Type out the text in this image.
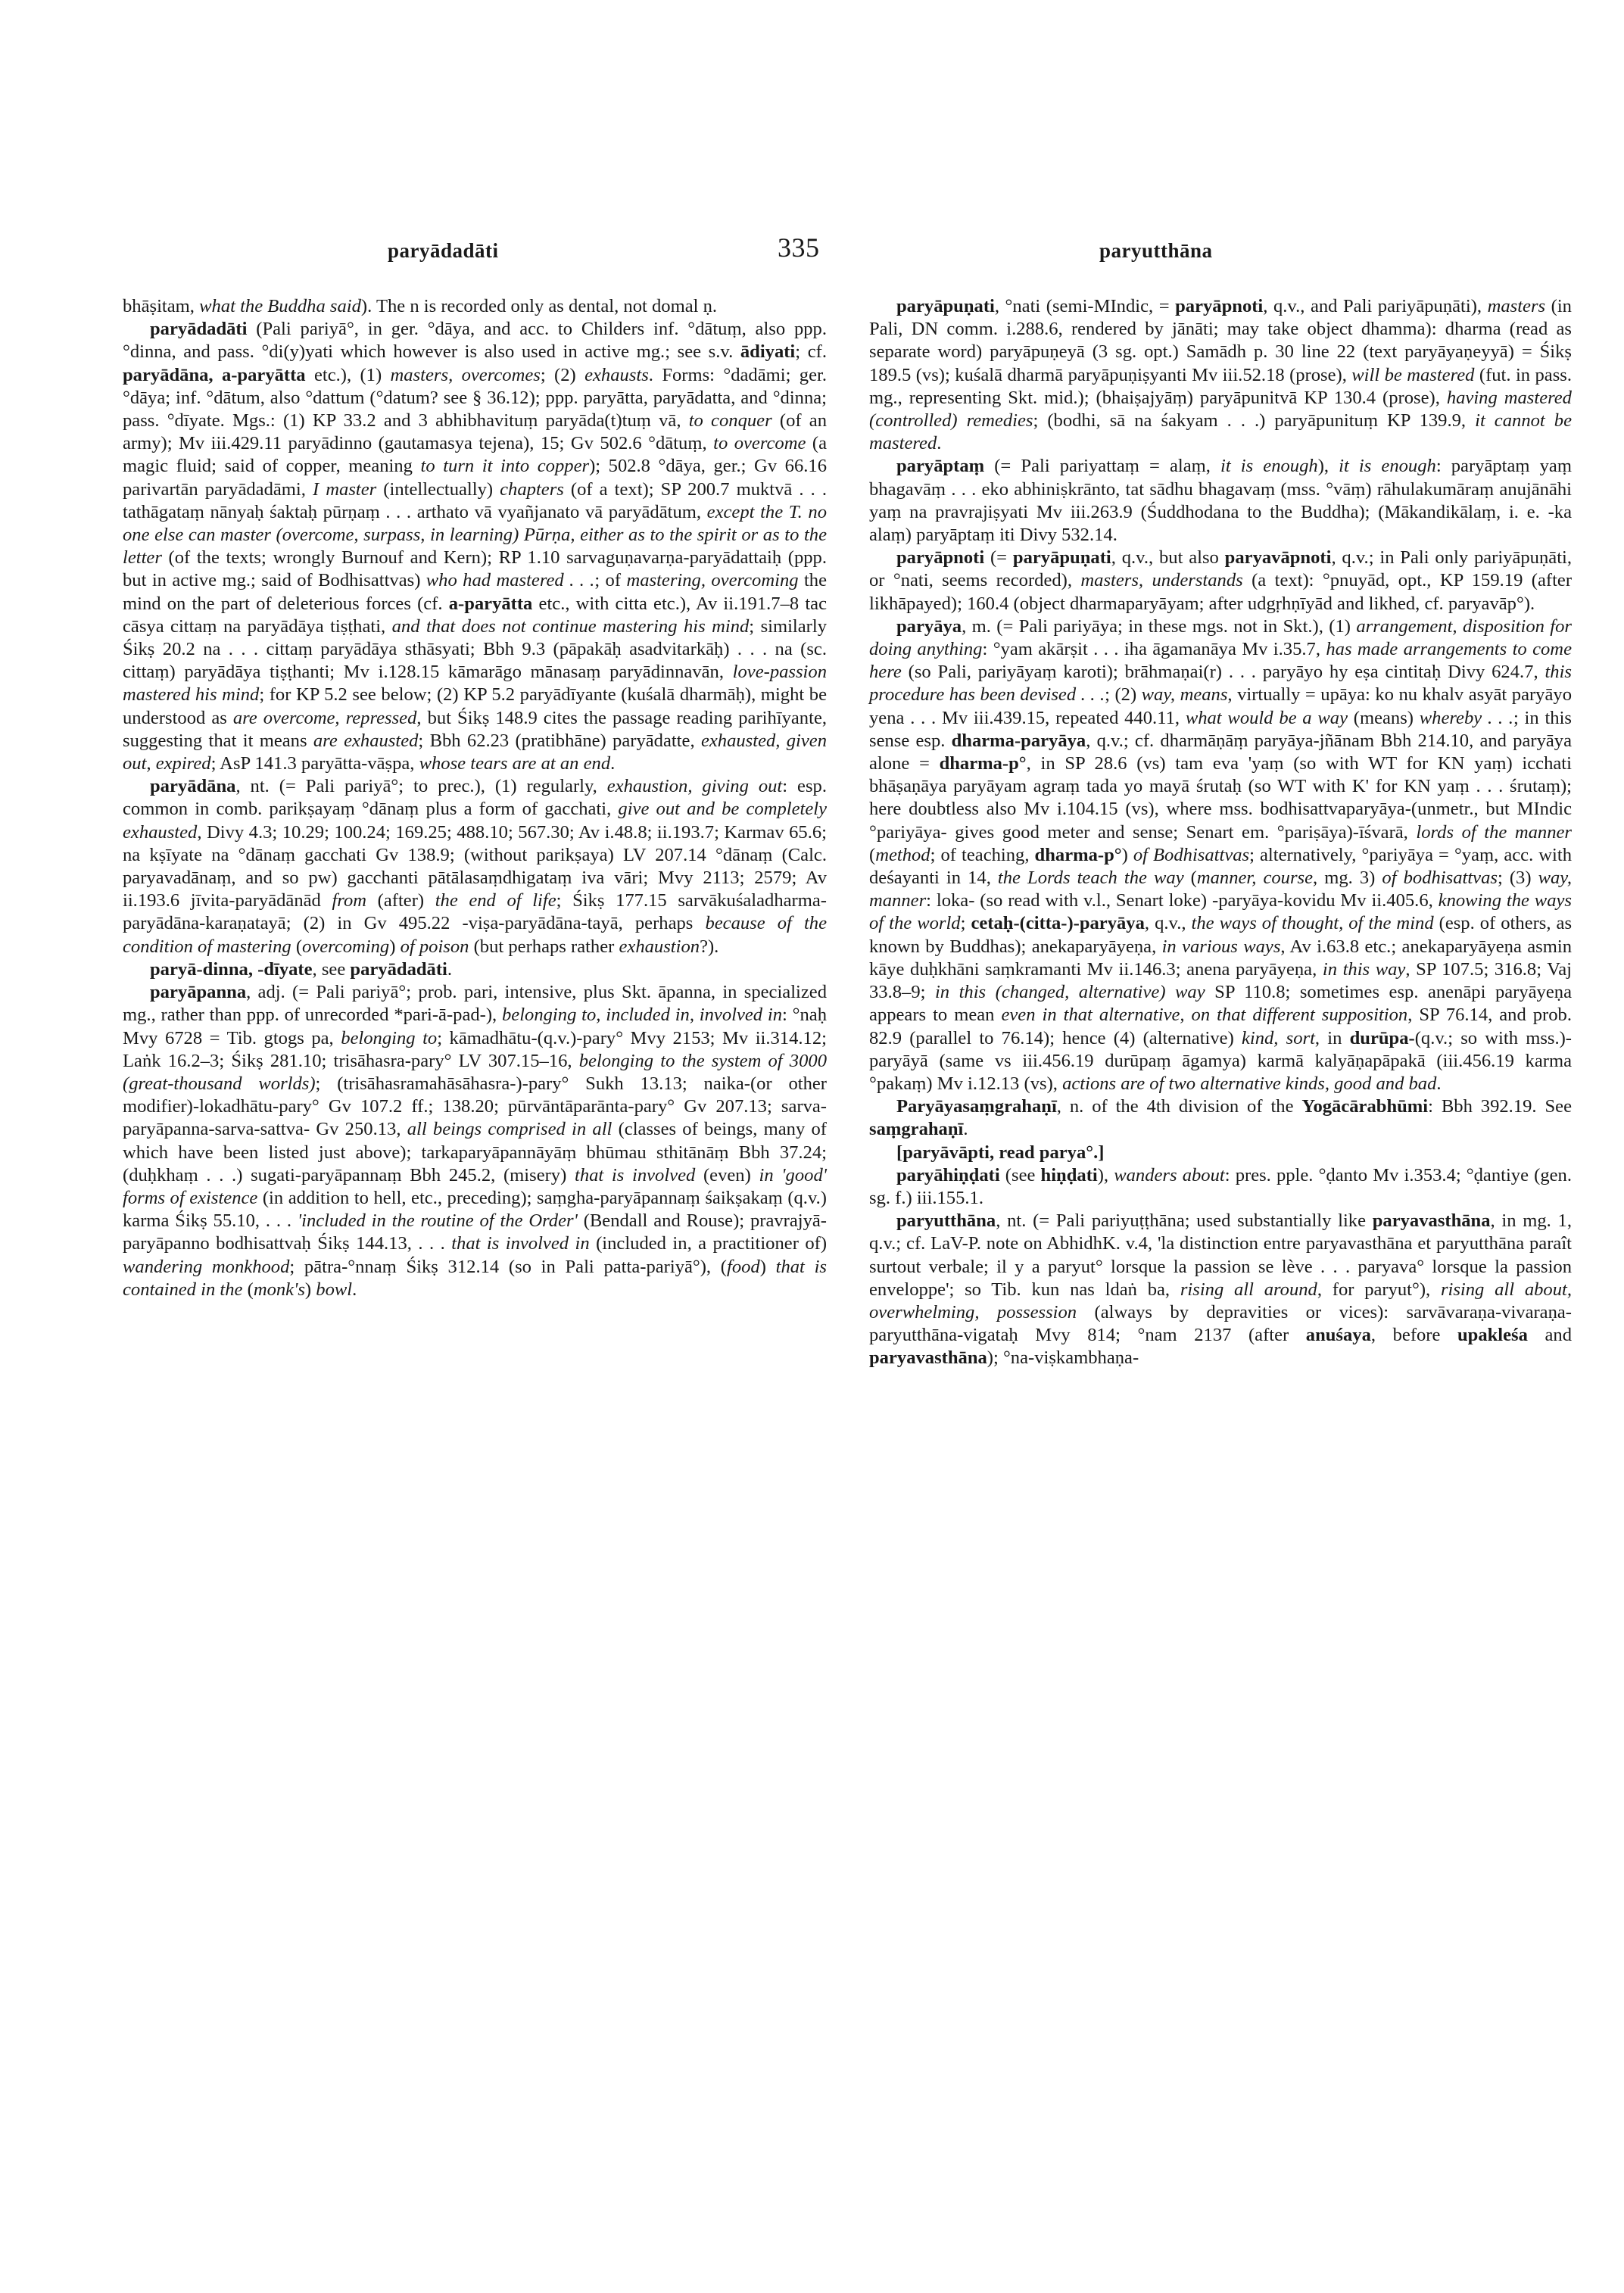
paryādadāti	335	paryutthāna

bhāṣitam, what the Buddha said). The n is recorded only as dental, not domal ṇ.

paryādadāti (Pali pariyā°, in ger. °dāya, and acc. to Childers inf. °dātuṃ, also ppp. °dinna, and pass. °di(y)yati which however is also used in active mg.; see s.v. ādiyati; cf. paryādāna, a-paryātta etc.), (1) masters, overcomes; (2) exhausts. Forms: °dadāmi; ger. °dāya; inf. °dātum, also °dattum (°datum? see § 36.12); ppp. paryātta, paryādatta, and °dinna; pass. °dīyate. Mgs.: (1) KP 33.2 and 3 abhibhavituṃ paryāda(t)tuṃ vā, to conquer (of an army); Mv iii.429.11 paryādinno (gautamasya tejena), 15; Gv 502.6 °dātuṃ, to overcome (a magic fluid; said of copper, meaning to turn it into copper); 502.8 °dāya, ger.; Gv 66.16 parivartān paryādadāmi, I master (intellectually) chapters (of a text); SP 200.7 muktvā . . . tathāgataṃ nānyaḥ śaktaḥ pūrṇaṃ . . . arthato vā vyañjanato vā paryādātum, except the T. no one else can master (overcome, surpass, in learning) Pūrṇa, either as to the spirit or as to the letter (of the texts; wrongly Burnouf and Kern); RP 1.10 sarvaguṇavarṇa-paryādattaiḥ (ppp. but in active mg.; said of Bodhisattvas) who had mastered . . .; of mastering, overcoming the mind on the part of deleterious forces (cf. a-paryātta etc., with citta etc.), Av ii.191.7–8 tac cāsya cittaṃ na paryādāya tiṣṭhati, and that does not continue mastering his mind; similarly Śikṣ 20.2 na . . . cittaṃ paryādāya sthāsyati; Bbh 9.3 (pāpakāḥ asadvitarkāḥ) . . . na (sc. cittaṃ) paryādāya tiṣṭhanti; Mv i.128.15 kāmarāgo mānasaṃ paryādinnavān, love-passion mastered his mind; for KP 5.2 see below; (2) KP 5.2 paryādīyante (kuśalā dharmāḥ), might be understood as are overcome, repressed, but Śikṣ 148.9 cites the passage reading parihīyante, suggesting that it means are exhausted; Bbh 62.23 (pratibhāne) paryādatte, exhausted, given out, expired; AsP 141.3 paryātta-vāṣpa, whose tears are at an end.

paryādāna, nt. (= Pali pariyā°; to prec.), (1) regularly, exhaustion, giving out: esp. common in comb. parikṣayaṃ °dānaṃ plus a form of gacchati, give out and be completely exhausted, Divy 4.3; 10.29; 100.24; 169.25; 488.10; 567.30; Av i.48.8; ii.193.7; Karmav 65.6; na kṣīyate na °dānaṃ gacchati Gv 138.9; (without parikṣaya) LV 207.14 °dānaṃ (Calc. paryavadānaṃ, and so pw) gacchanti pātālasaṃdhigataṃ iva vāri; Mvy 2113; 2579; Av ii.193.6 jīvita-paryādānād from (after) the end of life; Śikṣ 177.15 sarvākuśaladharma-paryādāna-karaṇatayā; (2) in Gv 495.22 -viṣa-paryādāna-tayā, perhaps because of the condition of mastering (overcoming) of poison (but perhaps rather exhaustion?).

paryā-dinna, -dīyate, see paryādadāti.

paryāpanna, adj. (= Pali pariyā°; prob. pari, intensive, plus Skt. āpanna, in specialized mg., rather than ppp. of unrecorded *pari-ā-pad-), belonging to, included in, involved in: °naḥ Mvy 6728 = Tib. gtogs pa, belonging to; kāmadhātu-(q.v.)-pary° Mvy 2153; Mv ii.314.12; Laṅk 16.2–3; Śikṣ 281.10; trisāhasra-pary° LV 307.15–16, belonging to the system of 3000 (great-thousand worlds); (trisāhasramahāsāhasra-)-pary° Sukh 13.13; naika-(or other modifier)-lokadhātu-pary° Gv 107.2 ff.; 138.20; pūrvāntāparānta-pary° Gv 207.13; sarva-paryāpanna-sarva-sattva- Gv 250.13, all beings comprised in all (classes of beings, many of which have been listed just above); tarkaparyāpannāyāṃ bhūmau sthitānāṃ Bbh 37.24; (duḥkhaṃ . . .) sugati-paryāpannaṃ Bbh 245.2, (misery) that is involved (even) in 'good' forms of existence (in addition to hell, etc., preceding); saṃgha-paryāpannaṃ śaikṣakaṃ (q.v.) karma Śikṣ 55.10, . . . 'included in the routine of the Order' (Bendall and Rouse); pravrajyā-paryāpanno bodhisattvaḥ Śikṣ 144.13, . . . that is involved in (included in, a practitioner of) wandering monkhood; pātra-°nnaṃ Śikṣ 312.14 (so in Pali patta-pariyā°), (food) that is contained in the (monk's) bowl.

paryāpuṇati, °nati (semi-MIndic, = paryāpnoti, q.v., and Pali pariyāpuṇāti), masters (in Pali, DN comm. i.288.6, rendered by jānāti; may take object dhamma): dharma (read as separate word) paryāpuṇeyā (3 sg. opt.) Samādh p. 30 line 22 (text paryāyaṇeyyā) = Śikṣ 189.5 (vs); kuśalā dharmā paryāpuṇiṣyanti Mv iii.52.18 (prose), will be mastered (fut. in pass. mg., representing Skt. mid.); (bhaiṣajyāṃ) paryāpunitvā KP 130.4 (prose), having mastered (controlled) remedies; (bodhi, sā na śakyam . . .) paryāpunituṃ KP 139.9, it cannot be mastered.

paryāptaṃ (= Pali pariyattaṃ = alaṃ, it is enough), it is enough: paryāptaṃ yaṃ bhagavāṃ . . . eko abhiniṣkrānto, tat sādhu bhagavaṃ (mss. °vāṃ) rāhulakumāraṃ anujānāhi yaṃ na pravrajiṣyati Mv iii.263.9 (Śuddhodana to the Buddha); (Mākandikālaṃ, i. e. -ka alaṃ) paryāptaṃ iti Divy 532.14.

paryāpnoti (= paryāpuṇati, q.v., but also paryavāpnoti, q.v.; in Pali only pariyāpuṇāti, or °nati, seems recorded), masters, understands (a text): °pnuyād, opt., KP 159.19 (after likhāpayed); 160.4 (object dharmaparyāyam; after udgṛhṇīyād and likhed, cf. paryavāp°).

paryāya, m. (= Pali pariyāya; in these mgs. not in Skt.), (1) arrangement, disposition for doing anything: °yam akārṣit . . . iha āgamanāya Mv i.35.7, has made arrangements to come here (so Pali, pariyāyaṃ karoti); brāhmaṇai(r) . . . paryāyo hy eṣa cintitaḥ Divy 624.7, this procedure has been devised . . .; (2) way, means, virtually = upāya: ko nu khalv asyāt paryāyo yena . . . Mv iii.439.15, repeated 440.11, what would be a way (means) whereby . . .; in this sense esp. dharma-paryāya, q.v.; cf. dharmāṇāṃ paryāya-jñānam Bbh 214.10, and paryāya alone = dharma-p°, in SP 28.6 (vs) tam eva 'yaṃ (so with WT for KN yaṃ) icchati bhāṣaṇāya paryāyam agraṃ tada yo mayā śrutaḥ (so WT with K' for KN yaṃ . . . śrutaṃ); here doubtless also Mv i.104.15 (vs), where mss. bodhisattvaparyāya-(unmetr., but MIndic °pariyāya- gives good meter and sense; Senart em. °pariṣāya)-īśvarā, lords of the manner (method; of teaching, dharma-p°) of Bodhisattvas; alternatively, °pariyāya = °yaṃ, acc. with deśayanti in 14, the Lords teach the way (manner, course, mg. 3) of bodhisattvas; (3) way, manner: loka- (so read with v.l., Senart loke) -paryāya-kovidu Mv ii.405.6, knowing the ways of the world; cetaḥ-(citta-)-paryāya, q.v., the ways of thought, of the mind (esp. of others, as known by Buddhas); anekaparyāyeṇa, in various ways, Av i.63.8 etc.; anekaparyāyeṇa asmin kāye duḥkhāni saṃkramanti Mv ii.146.3; anena paryāyeṇa, in this way, SP 107.5; 316.8; Vaj 33.8–9; in this (changed, alternative) way SP 110.8; sometimes esp. anenāpi paryāyeṇa appears to mean even in that alternative, on that different supposition, SP 76.14, and prob. 82.9 (parallel to 76.14); hence (4) (alternative) kind, sort, in durūpa-(q.v.; so with mss.)-paryāyā (same vs iii.456.19 durūpaṃ āgamya) karmā kalyāṇapāpakā (iii.456.19 karma °pakaṃ) Mv i.12.13 (vs), actions are of two alternative kinds, good and bad.

Paryāyasaṃgrahaṇī, n. of the 4th division of the Yogācārabhūmi: Bbh 392.19. See saṃgrahaṇī.

[paryāvāpti, read parya°.]

paryāhiṇḍati (see hiṇḍati), wanders about: pres. pple. °ḍanto Mv i.353.4; °ḍantiye (gen. sg. f.) iii.155.1.

paryutthāna, nt. (= Pali pariyuṭṭhāna; used substantially like paryavasthāna, in mg. 1, q.v.; cf. LaV-P. note on AbhidhK. v.4, 'la distinction entre paryavasthāna et paryutthāna paraît surtout verbale; il y a paryut° lorsque la passion se lève . . . paryava° lorsque la passion enveloppe'; so Tib. kun nas ldaṅ ba, rising all around, for paryut°), rising all about, overwhelming, possession (always by depravities or vices): sarvāvaraṇa-vivaraṇa-paryutthāna-vigataḥ Mvy 814; °nam 2137 (after anuśaya, before upakleśa and paryavasthāna); °na-viṣkambhaṇa-
